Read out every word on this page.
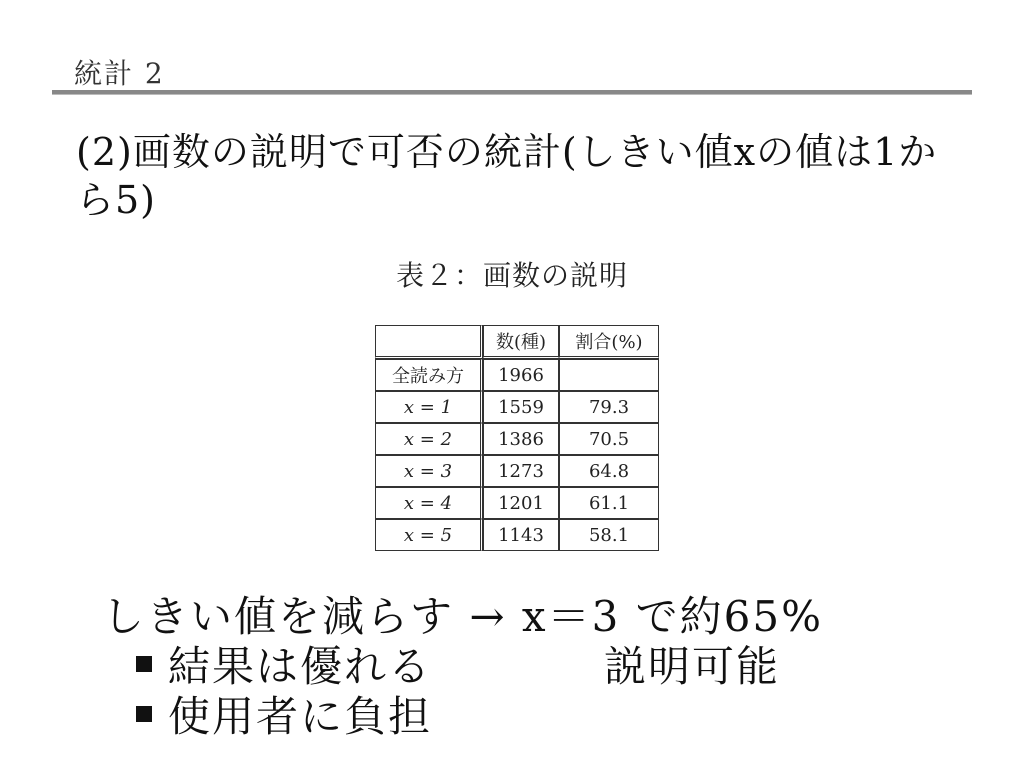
統計 2
(2)画数の説明で可否の統計(しきい値xの値は1から5)
表２：画数の説明
	数(種)	割合(%)
全読み方	1966	
x = 1	1559	79.3
x = 2	1386	70.5
x = 3	1273	64.8
x = 4	1201	61.1
x = 5	1143	58.1
しきい値を減らす → x＝3 で約65%
結果は優れる	説明可能
使用者に負担
